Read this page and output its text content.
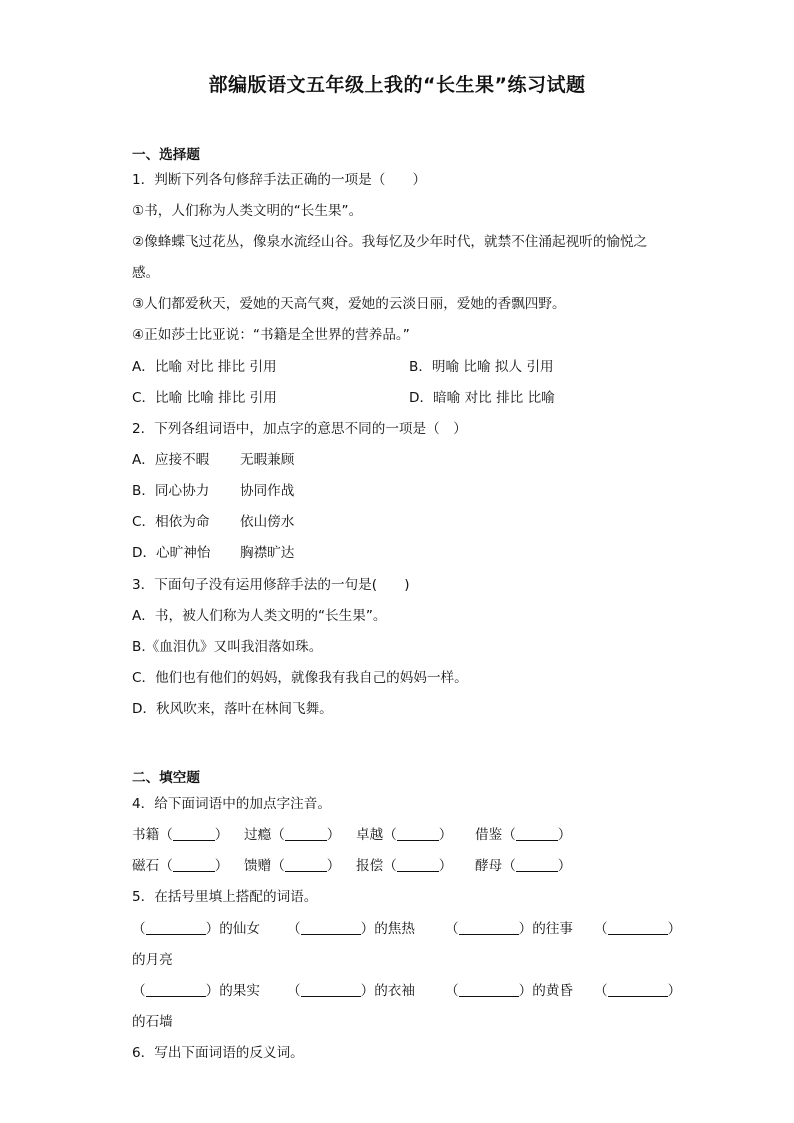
部编版语文五年级上我的“长生果”练习试题
一、选择题
1．判断下列各句修辞手法正确的一项是（　　）
①书，人们称为人类文明的“长生果”。
②像蜂蝶飞过花丛，像泉水流经山谷。我每忆及少年时代，就禁不住涌起视听的愉悦之
感。
③人们都爱秋天，爱她的天高气爽，爱她的云淡日丽，爱她的香飘四野。
④正如莎士比亚说：“书籍是全世界的营养品。”
A．比喻 对比 排比 引用	B．明喻 比喻 拟人 引用
C．比喻 比喻 排比 引用	D．暗喻 对比 排比 比喻
2．下列各组词语中，加点字的意思不同的一项是（　）
A．应接不暇 无暇兼顾
B．同心协力 协同作战
C．相依为命 依山傍水
D．心旷神怡 胸襟旷达
3．下面句子没有运用修辞手法的一句是(　　)
A．书，被人们称为人类文明的“长生果”。
B.《血泪仇》又叫我泪落如珠。
C．他们也有他们的妈妈，就像我有我自己的妈妈一样。
D．秋风吹来，落叶在林间飞舞。
二、填空题
4．给下面词语中的加点字注音。
书籍（	） 过瘾（	） 卓越（	） 借鉴（	）
磁石（	） 馈赠（	） 报偿（	） 酵母（	）
5．在括号里填上搭配的词语。
（	）的仙女 （	）的焦热 （	）的往事 （	）
的月亮
（	）的果实 （	）的衣袖 （	）的黄昏 （	）
的石墙
6．写出下面词语的反义词。
